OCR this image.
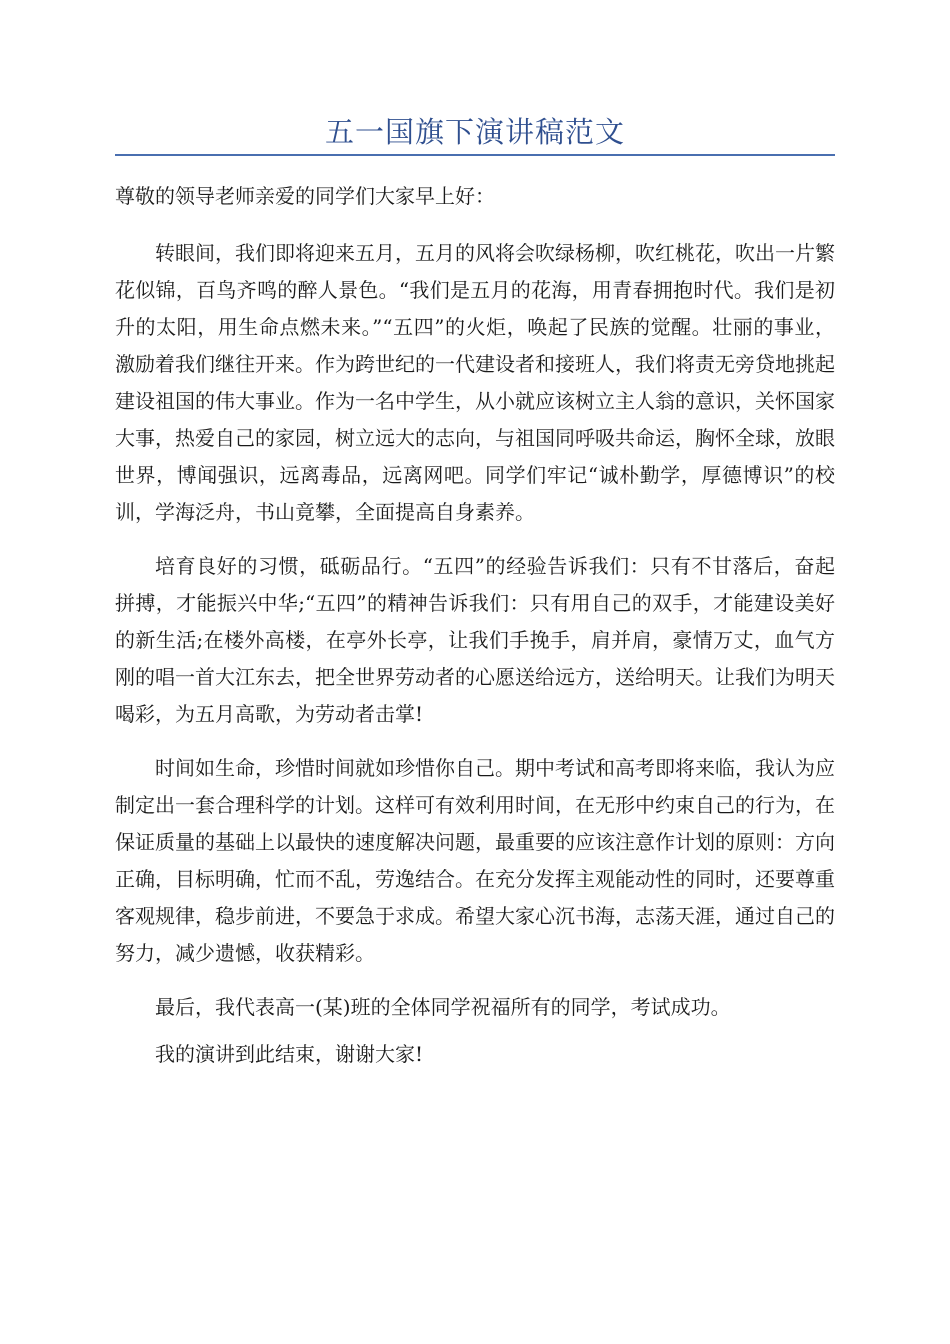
五一国旗下演讲稿范文

尊敬的领导老师亲爱的同学们大家早上好：

转眼间，我们即将迎来五月，五月的风将会吹绿杨柳，吹红桃花，吹出一片繁花似锦，百鸟齐鸣的醉人景色。“我们是五月的花海，用青春拥抱时代。我们是初升的太阳，用生命点燃未来。”“五四”的火炬，唤起了民族的觉醒。壮丽的事业，激励着我们继往开来。作为跨世纪的一代建设者和接班人，我们将责无旁贷地挑起建设祖国的伟大事业。作为一名中学生，从小就应该树立主人翁的意识，关怀国家大事，热爱自己的家园，树立远大的志向，与祖国同呼吸共命运，胸怀全球，放眼世界，博闻强识，远离毒品，远离网吧。同学们牢记“诚朴勤学，厚德博识”的校训，学海泛舟，书山竟攀，全面提高自身素养。

培育良好的习惯，砥砺品行。“五四”的经验告诉我们：只有不甘落后，奋起拼搏，才能振兴中华;“五四”的精神告诉我们：只有用自己的双手，才能建设美好的新生活;在楼外高楼，在亭外长亭，让我们手挽手，肩并肩，豪情万丈，血气方刚的唱一首大江东去，把全世界劳动者的心愿送给远方，送给明天。让我们为明天喝彩，为五月高歌，为劳动者击掌!

时间如生命，珍惜时间就如珍惜你自己。期中考试和高考即将来临，我认为应制定出一套合理科学的计划。这样可有效利用时间，在无形中约束自己的行为，在保证质量的基础上以最快的速度解决问题，最重要的应该注意作计划的原则：方向正确，目标明确，忙而不乱，劳逸结合。在充分发挥主观能动性的同时，还要尊重客观规律，稳步前进，不要急于求成。希望大家心沉书海，志荡天涯，通过自己的努力，减少遗憾，收获精彩。

最后，我代表高一(某)班的全体同学祝福所有的同学，考试成功。

我的演讲到此结束，谢谢大家!
